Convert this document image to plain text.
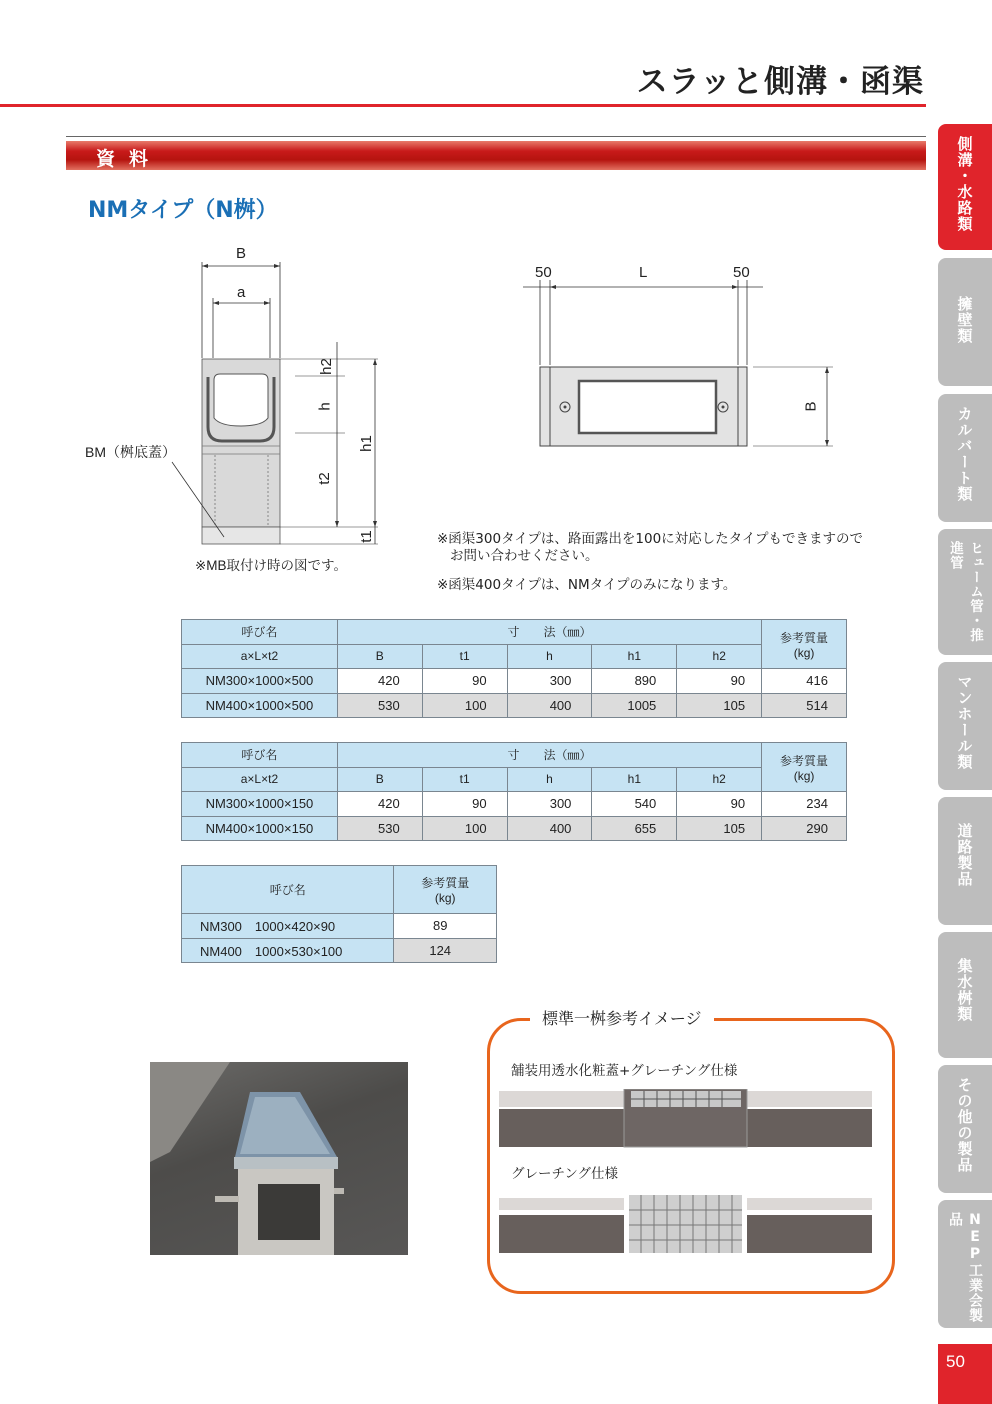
スラッと側溝・函渠
資料
NMタイプ（N桝）
B
a
h2
h
h1
t2
t1
BM（桝底蓋）
※MB取付け時の図です。
50	L	50
B
※函渠300タイプは、路面露出を100に対応したタイプもできますので
お問い合わせください。
※函渠400タイプは、NMタイプのみになります。
呼び名	寸　　法（㎜）					参考質量
(kg)
a×L×t2	B	t1	h	h1	h2	
NM300×1000×500	420	90	300	890	90	416
NM400×1000×500	530	100	400	1005	105	514
呼び名	寸　　法（㎜）					参考質量
(kg)
a×L×t2	B	t1	h	h1	h2	
NM300×1000×150	420	90	300	540	90	234
NM400×1000×150	530	100	400	655	105	290
呼び名	参考質量
(kg)
NM300　1000×420×90	89
NM400　1000×530×100	124
標準一桝参考イメージ
舗装用透水化粧蓋+グレーチング仕様
グレーチング仕様
側溝・水路類
擁壁類
カルバート類
ヒューム管・推進管
マンホール類
道路製品
集水桝類
その他の製品
NEP工業会製品
50
